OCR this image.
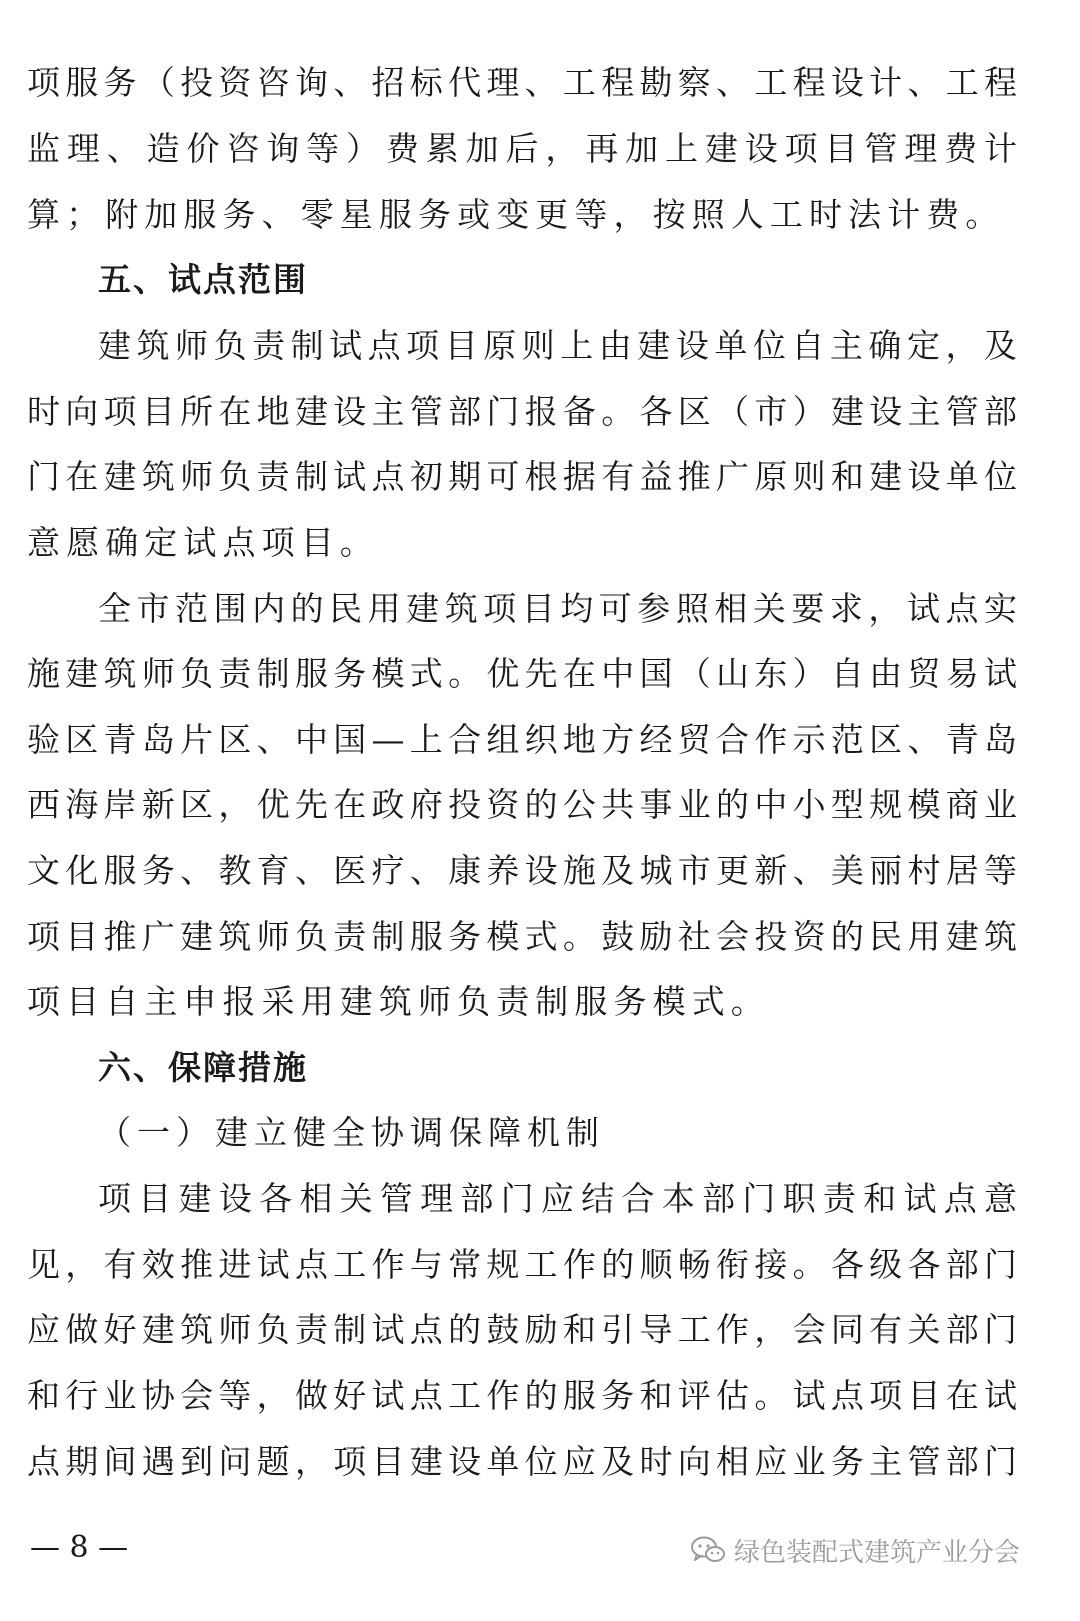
项服务（投资咨询、招标代理、工程勘察、工程设计、工程
监理、造价咨询等）费累加后，再加上建设项目管理费计
算；附加服务、零星服务或变更等，按照人工时法计费。
五、试点范围
建筑师负责制试点项目原则上由建设单位自主确定，及
时向项目所在地建设主管部门报备。各区（市）建设主管部
门在建筑师负责制试点初期可根据有益推广原则和建设单位
意愿确定试点项目。
全市范围内的民用建筑项目均可参照相关要求，试点实
施建筑师负责制服务模式。优先在中国（山东）自由贸易试
验区青岛片区、中国—上合组织地方经贸合作示范区、青岛
西海岸新区，优先在政府投资的公共事业的中小型规模商业
文化服务、教育、医疗、康养设施及城市更新、美丽村居等
项目推广建筑师负责制服务模式。鼓励社会投资的民用建筑
项目自主申报采用建筑师负责制服务模式。
六、保障措施
（一）建立健全协调保障机制
项目建设各相关管理部门应结合本部门职责和试点意
见，有效推进试点工作与常规工作的顺畅衔接。各级各部门
应做好建筑师负责制试点的鼓励和引导工作，会同有关部门
和行业协会等，做好试点工作的服务和评估。试点项目在试
点期间遇到问题，项目建设单位应及时向相应业务主管部门
— 8 —	绿色装配式建筑产业分会
